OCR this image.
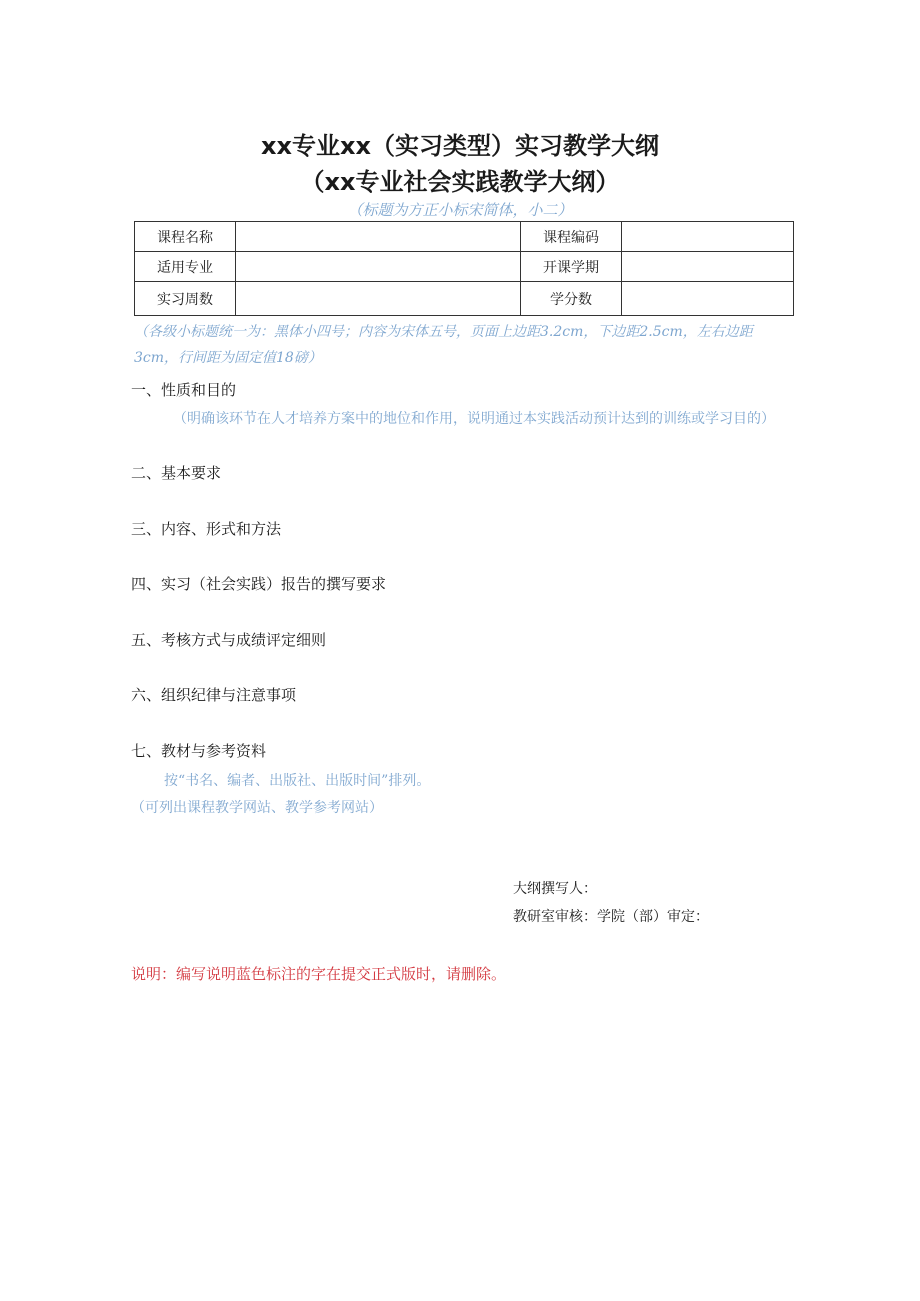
xx专业xx（实习类型）实习教学大纲
（xx专业社会实践教学大纲）
（标题为方正小标宋简体，小二）
课程名称		课程编码	
适用专业		开课学期	
实习周数		学分数	
（各级小标题统一为：黑体小四号；内容为宋体五号，页面上边距3.2cm，下边距2.5cm，左右边距3cm，行间距为固定值18磅）
一、性质和目的
（明确该环节在人才培养方案中的地位和作用，说明通过本实践活动预计达到的训练或学习目的）
二、基本要求
三、内容、形式和方法
四、实习（社会实践）报告的撰写要求
五、考核方式与成绩评定细则
六、组织纪律与注意事项
七、教材与参考资料
按“书名、编者、出版社、出版时间”排列。
（可列出课程教学网站、教学参考网站）
大纲撰写人：
教研室审核：学院（部）审定：
说明：编写说明蓝色标注的字在提交正式版时，请删除。
